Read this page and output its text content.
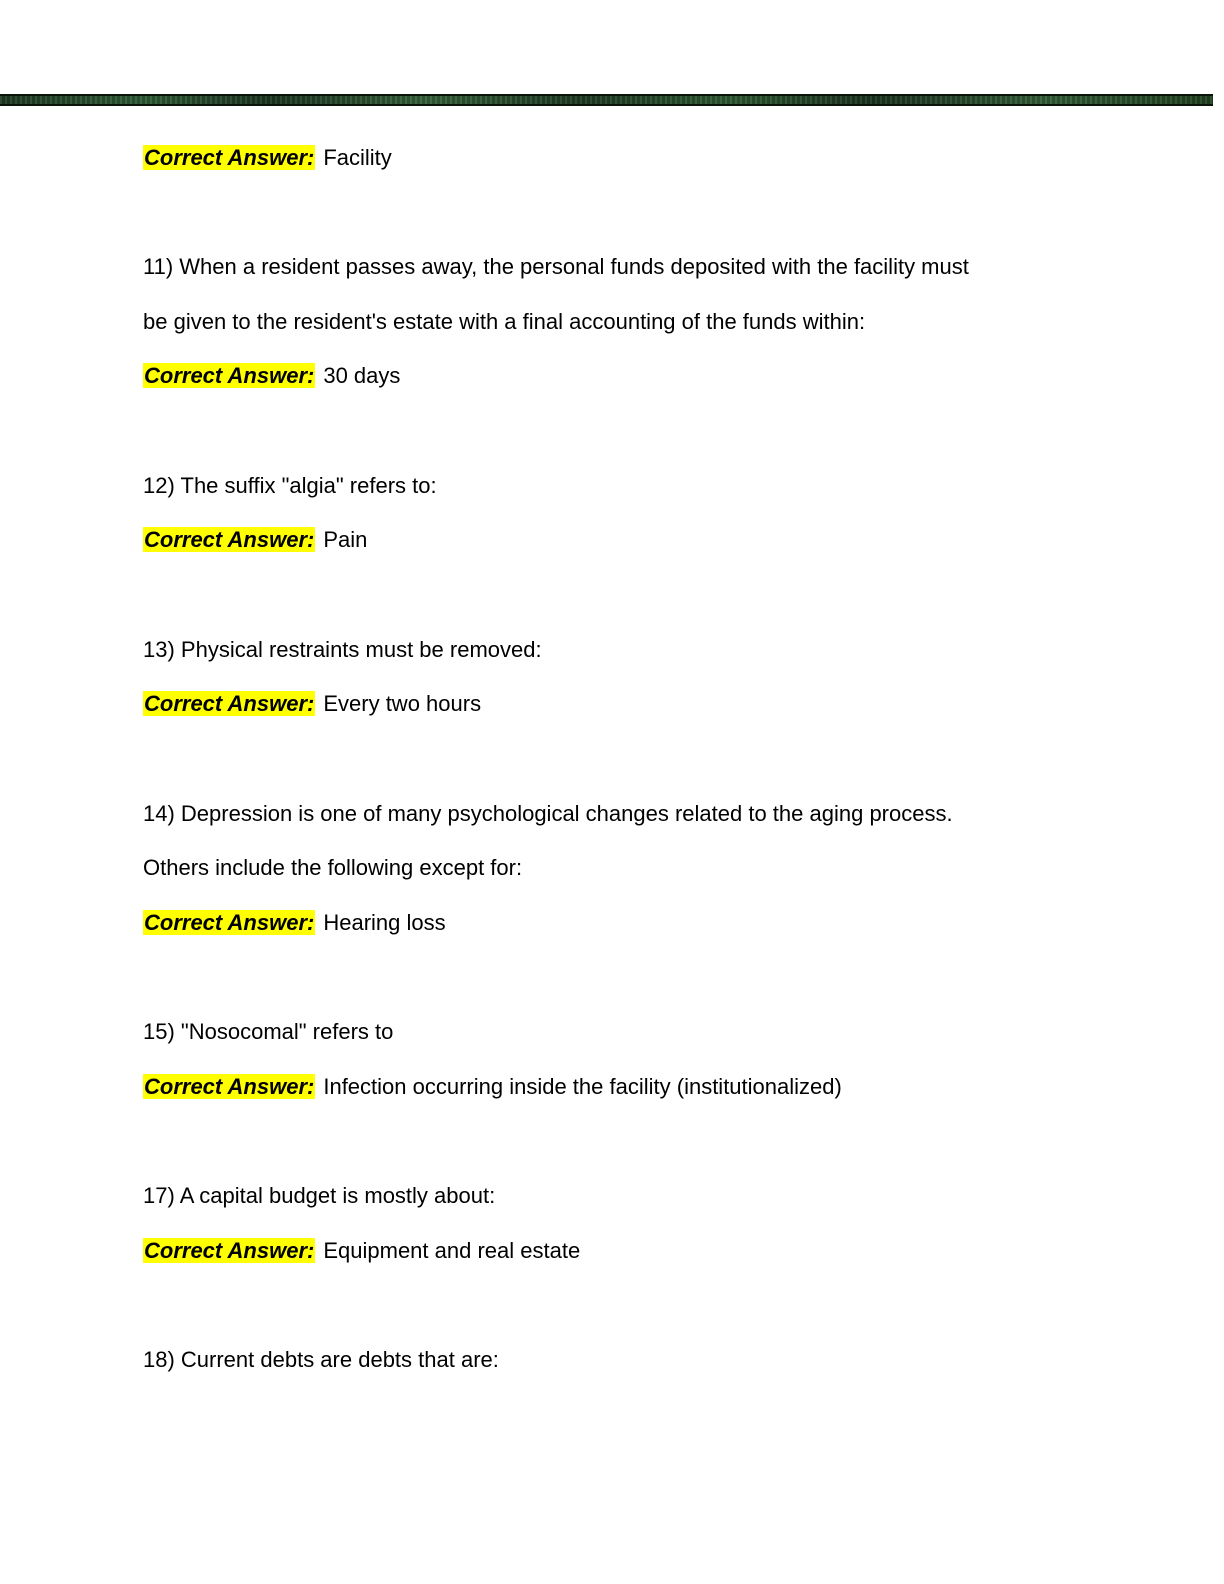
Correct Answer: Facility
11) When a resident passes away, the personal funds deposited with the facility must
be given to the resident's estate with a final accounting of the funds within:
Correct Answer: 30 days
12) The suffix "algia" refers to:
Correct Answer: Pain
13) Physical restraints must be removed:
Correct Answer: Every two hours
14) Depression is one of many psychological changes related to the aging process.
Others include the following except for:
Correct Answer: Hearing loss
15) "Nosocomal" refers to
Correct Answer: Infection occurring inside the facility (institutionalized)
17) A capital budget is mostly about:
Correct Answer: Equipment and real estate
18) Current debts are debts that are:
